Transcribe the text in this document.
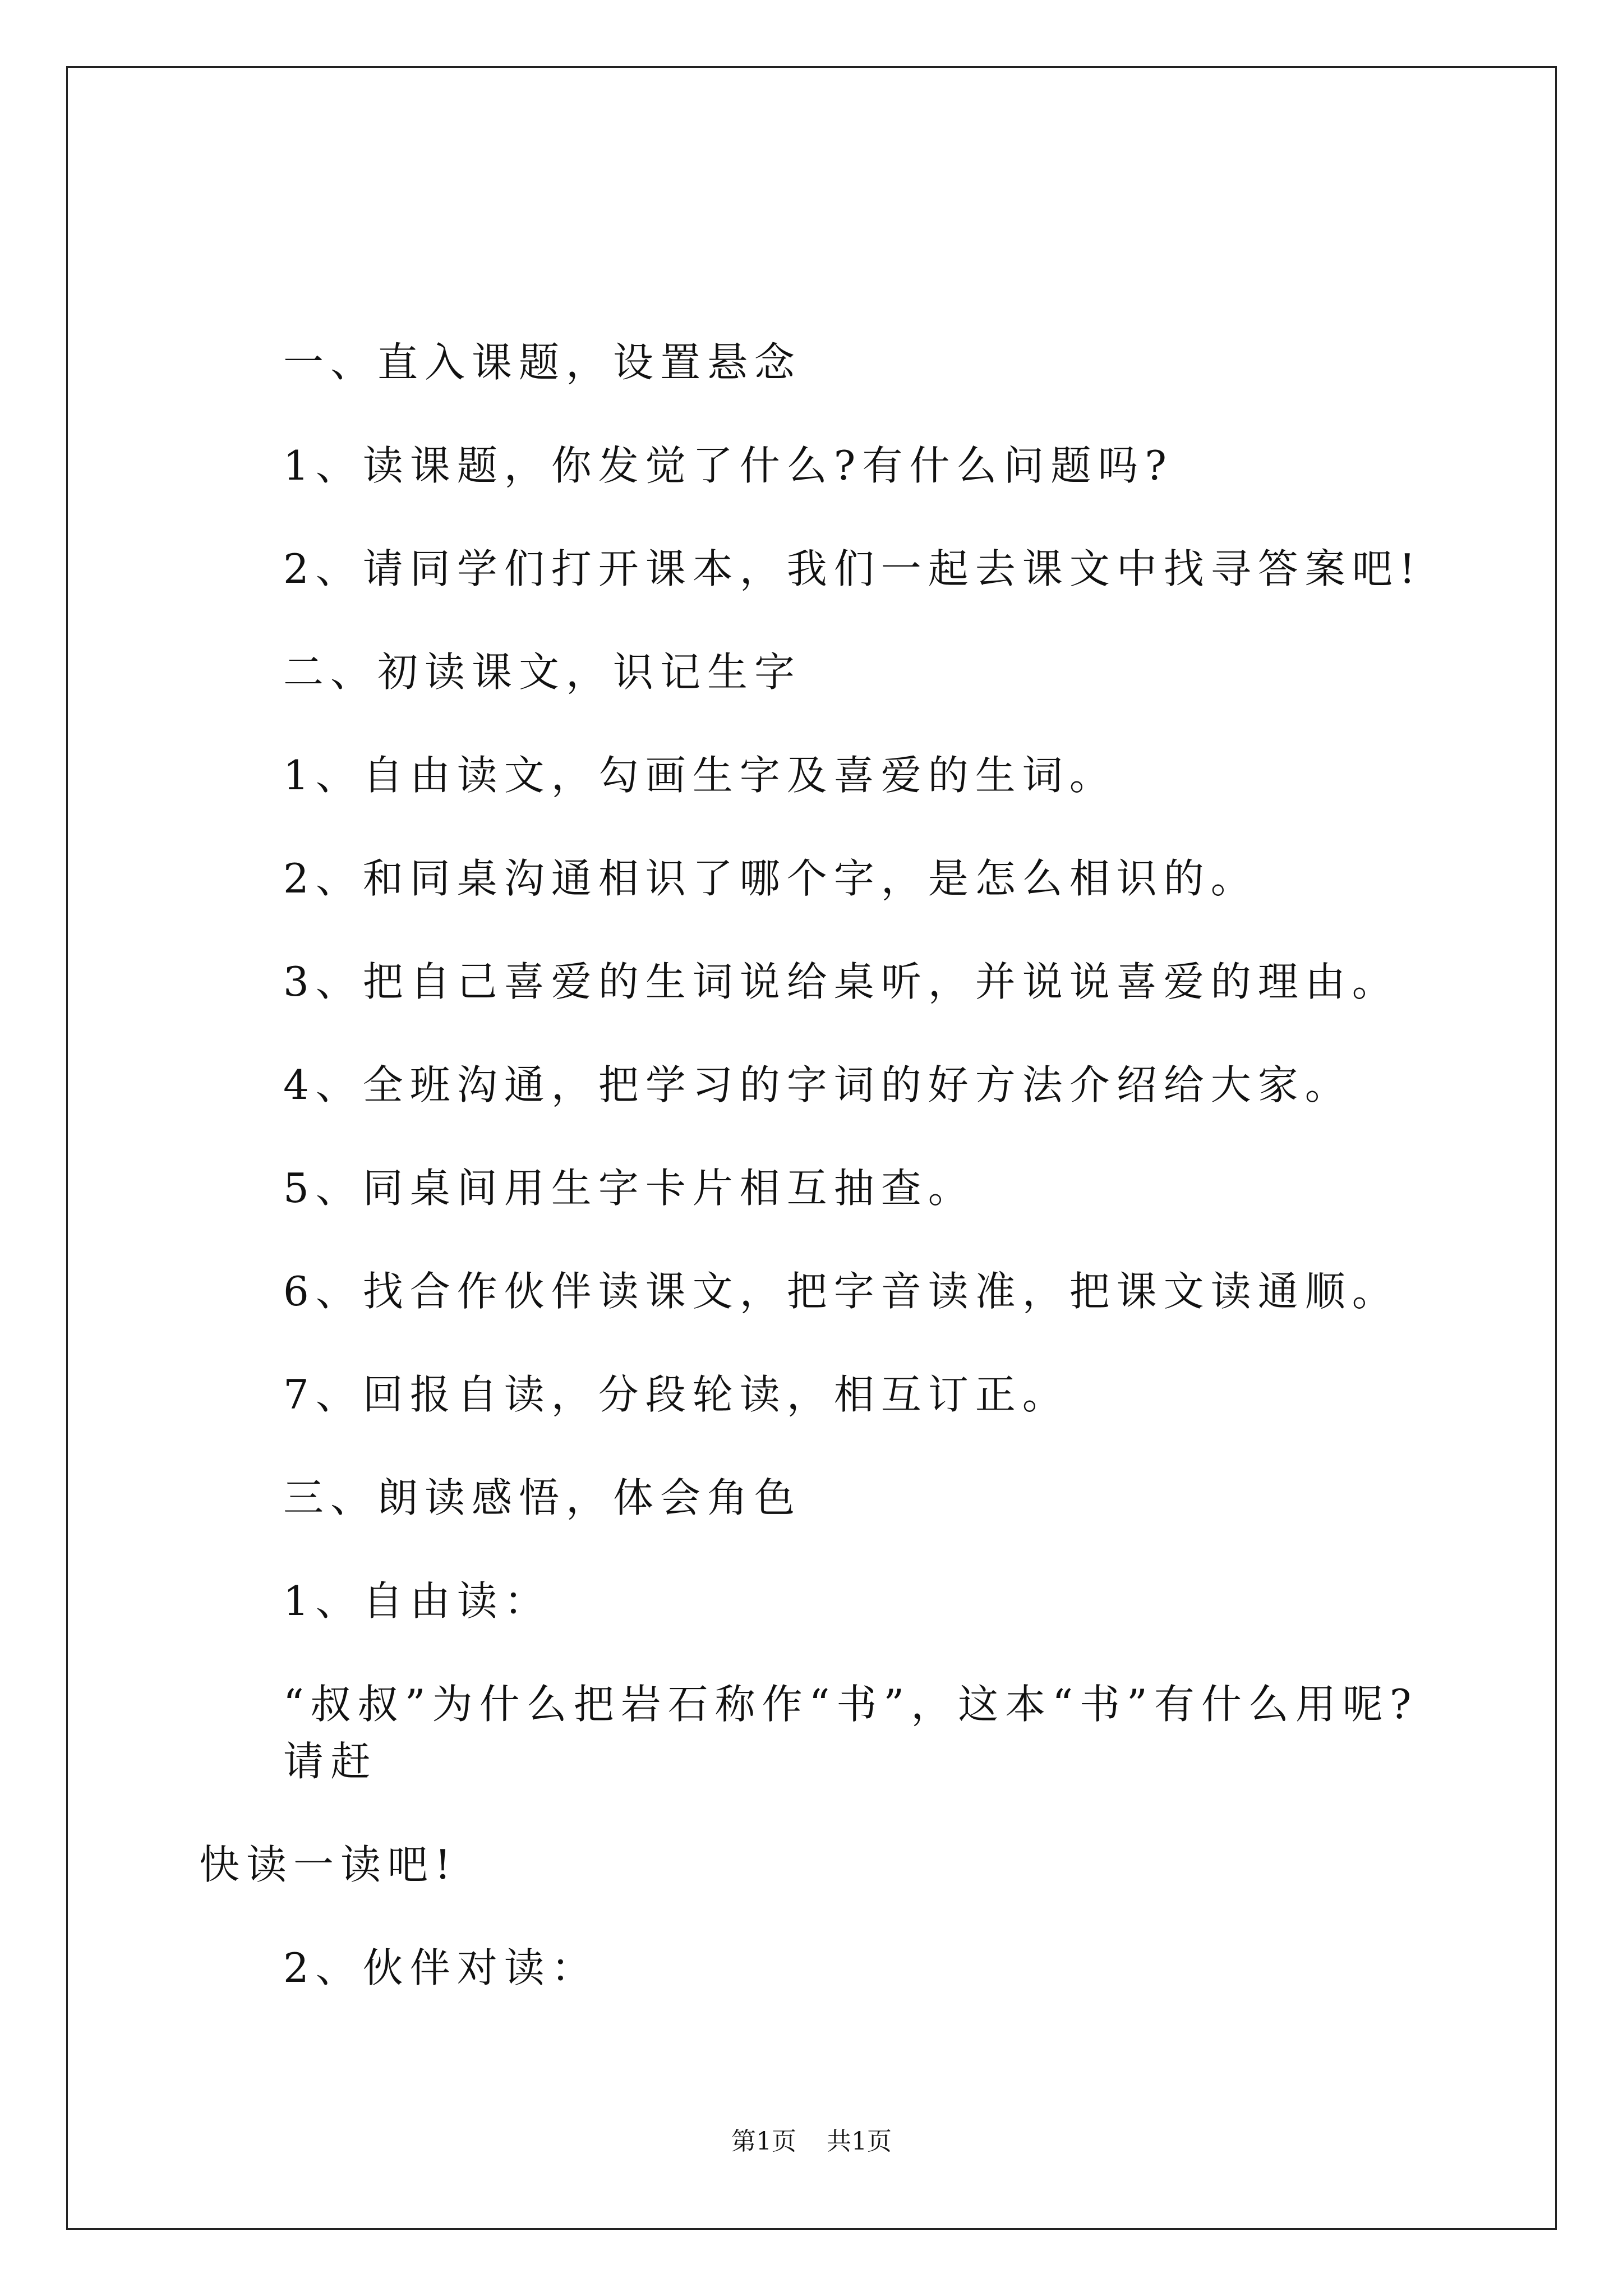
一、直入课题，设置悬念

1、读课题，你发觉了什么?有什么问题吗?

2、请同学们打开课本，我们一起去课文中找寻答案吧!

二、初读课文，识记生字

1、自由读文，勾画生字及喜爱的生词。

2、和同桌沟通相识了哪个字，是怎么相识的。

3、把自己喜爱的生词说给桌听，并说说喜爱的理由。

4、全班沟通，把学习的字词的好方法介绍给大家。

5、同桌间用生字卡片相互抽查。

6、找合作伙伴读课文，把字音读准，把课文读通顺。

7、回报自读，分段轮读，相互订正。

三、朗读感悟，体会角色

1、自由读：

“叔叔”为什么把岩石称作“书”，这本“书”有什么用呢?请赶
快读一读吧!

2、伙伴对读：

第1页 共1页
